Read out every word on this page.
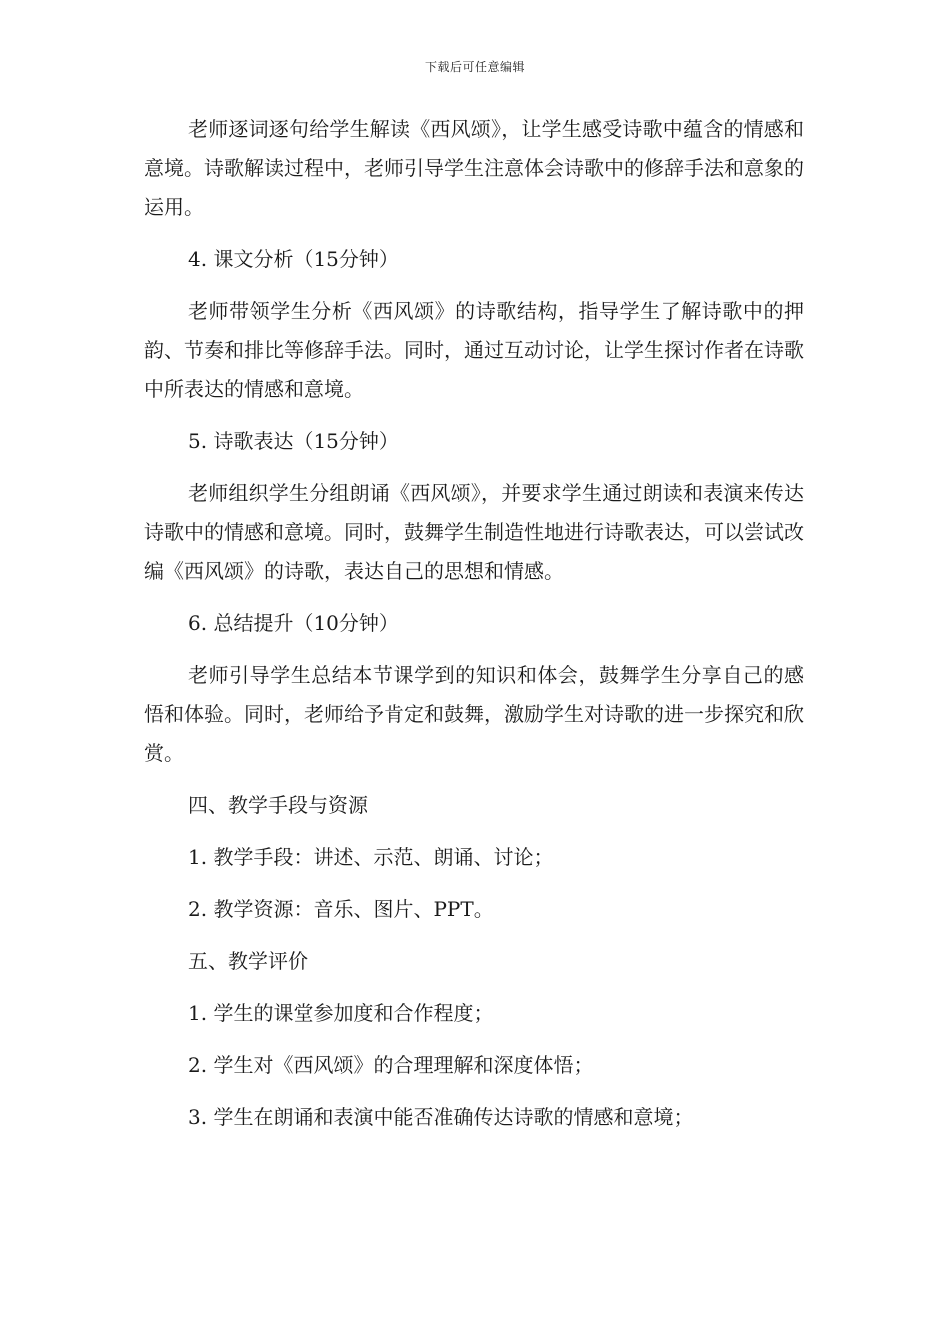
下载后可任意编辑

老师逐词逐句给学生解读《西风颂》，让学生感受诗歌中蕴含的情感和意境。诗歌解读过程中，老师引导学生注意体会诗歌中的修辞手法和意象的运用。

4. 课文分析（15分钟）

老师带领学生分析《西风颂》的诗歌结构，指导学生了解诗歌中的押韵、节奏和排比等修辞手法。同时，通过互动讨论，让学生探讨作者在诗歌中所表达的情感和意境。

5. 诗歌表达（15分钟）

老师组织学生分组朗诵《西风颂》，并要求学生通过朗读和表演来传达诗歌中的情感和意境。同时，鼓舞学生制造性地进行诗歌表达，可以尝试改编《西风颂》的诗歌，表达自己的思想和情感。

6. 总结提升（10分钟）

老师引导学生总结本节课学到的知识和体会，鼓舞学生分享自己的感悟和体验。同时，老师给予肯定和鼓舞，激励学生对诗歌的进一步探究和欣赏。

四、教学手段与资源

1. 教学手段：讲述、示范、朗诵、讨论；

2. 教学资源：音乐、图片、PPT。

五、教学评价

1. 学生的课堂参加度和合作程度；

2. 学生对《西风颂》的合理理解和深度体悟；

3. 学生在朗诵和表演中能否准确传达诗歌的情感和意境；
